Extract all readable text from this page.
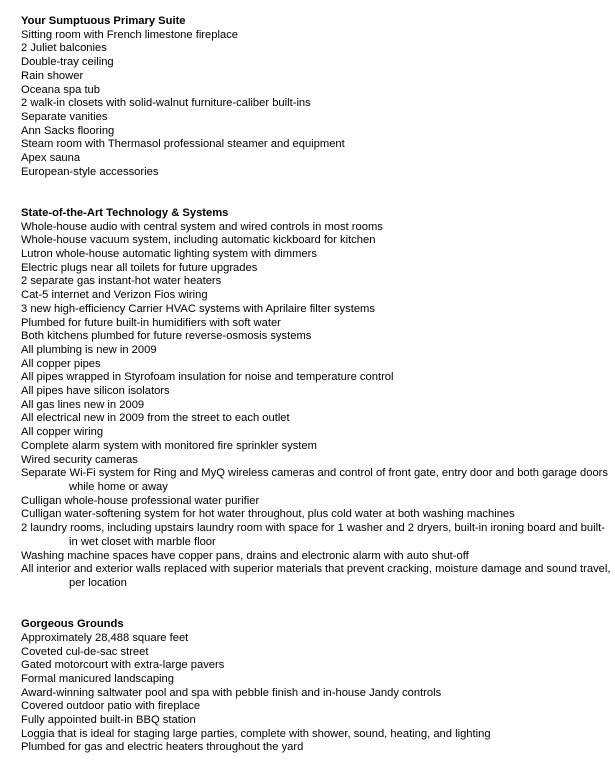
Your Sumptuous Primary Suite
Sitting room with French limestone fireplace
2 Juliet balconies
Double-tray ceiling
Rain shower
Oceana spa tub
2 walk-in closets with solid-walnut furniture-caliber built-ins
Separate vanities
Ann Sacks flooring
Steam room with Thermasol professional steamer and equipment
Apex sauna
European-style accessories
State-of-the-Art Technology & Systems
Whole-house audio with central system and wired controls in most rooms
Whole-house vacuum system, including automatic kickboard for kitchen
Lutron whole-house automatic lighting system with dimmers
Electric plugs near all toilets for future upgrades
2 separate gas instant-hot water heaters
Cat-5 internet and Verizon Fios wiring
3 new high-efficiency Carrier HVAC systems with Aprilaire filter systems
Plumbed for future built-in humidifiers with soft water
Both kitchens plumbed for future reverse-osmosis systems
All plumbing is new in 2009
All copper pipes
All pipes wrapped in Styrofoam insulation for noise and temperature control
All pipes have silicon isolators
All gas lines new in 2009
All electrical new in 2009 from the street to each outlet
All copper wiring
Complete alarm system with monitored fire sprinkler system
Wired security cameras
Separate Wi-Fi system for Ring and MyQ wireless cameras and control of front gate, entry door and both garage doors while home or away
Culligan whole-house professional water purifier
Culligan water-softening system for hot water throughout, plus cold water at both washing machines
2 laundry rooms, including upstairs laundry room with space for 1 washer and 2 dryers, built-in ironing board and built-in wet closet with marble floor
Washing machine spaces have copper pans, drains and electronic alarm with auto shut-off
All interior and exterior walls replaced with superior materials that prevent cracking, moisture damage and sound travel, per location
Gorgeous Grounds
Approximately 28,488 square feet
Coveted cul-de-sac street
Gated motorcourt with extra-large pavers
Formal manicured landscaping
Award-winning saltwater pool and spa with pebble finish and in-house Jandy controls
Covered outdoor patio with fireplace
Fully appointed built-in BBQ station
Loggia that is ideal for staging large parties, complete with shower, sound, heating, and lighting
Plumbed for gas and electric heaters throughout the yard
